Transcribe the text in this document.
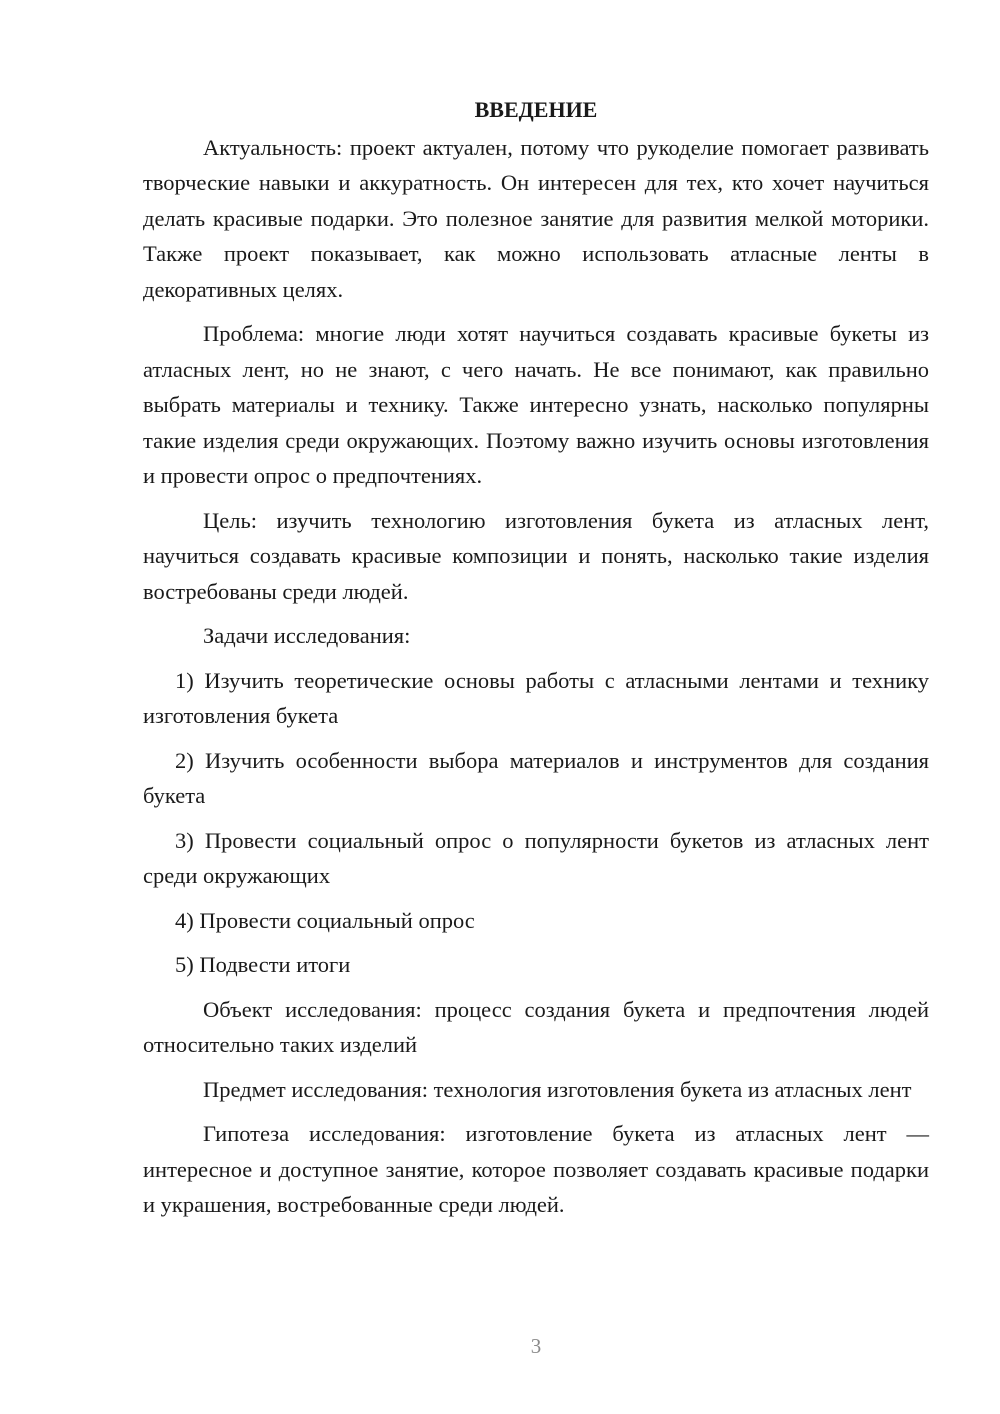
ВВЕДЕНИЕ

Актуальность: проект актуален, потому что рукоделие помогает развивать творческие навыки и аккуратность. Он интересен для тех, кто хочет научиться делать красивые подарки. Это полезное занятие для развития мелкой моторики. Также проект показывает, как можно использовать атласные ленты в декоративных целях.

Проблема: многие люди хотят научиться создавать красивые букеты из атласных лент, но не знают, с чего начать. Не все понимают, как правильно выбрать материалы и технику. Также интересно узнать, насколько популярны такие изделия среди окружающих. Поэтому важно изучить основы изготовления и провести опрос о предпочтениях.

Цель: изучить технологию изготовления букета из атласных лент, научиться создавать красивые композиции и понять, насколько такие изделия востребованы среди людей.

Задачи исследования:

1) Изучить теоретические основы работы с атласными лентами и технику изготовления букета

2) Изучить особенности выбора материалов и инструментов для создания букета

3) Провести социальный опрос о популярности букетов из атласных лент среди окружающих

4) Провести социальный опрос

5) Подвести итоги

Объект исследования: процесс создания букета и предпочтения людей относительно таких изделий

Предмет исследования: технология изготовления букета из атласных лент

Гипотеза исследования: изготовление букета из атласных лент — интересное и доступное занятие, которое позволяет создавать красивые подарки и украшения, востребованные среди людей.

3
